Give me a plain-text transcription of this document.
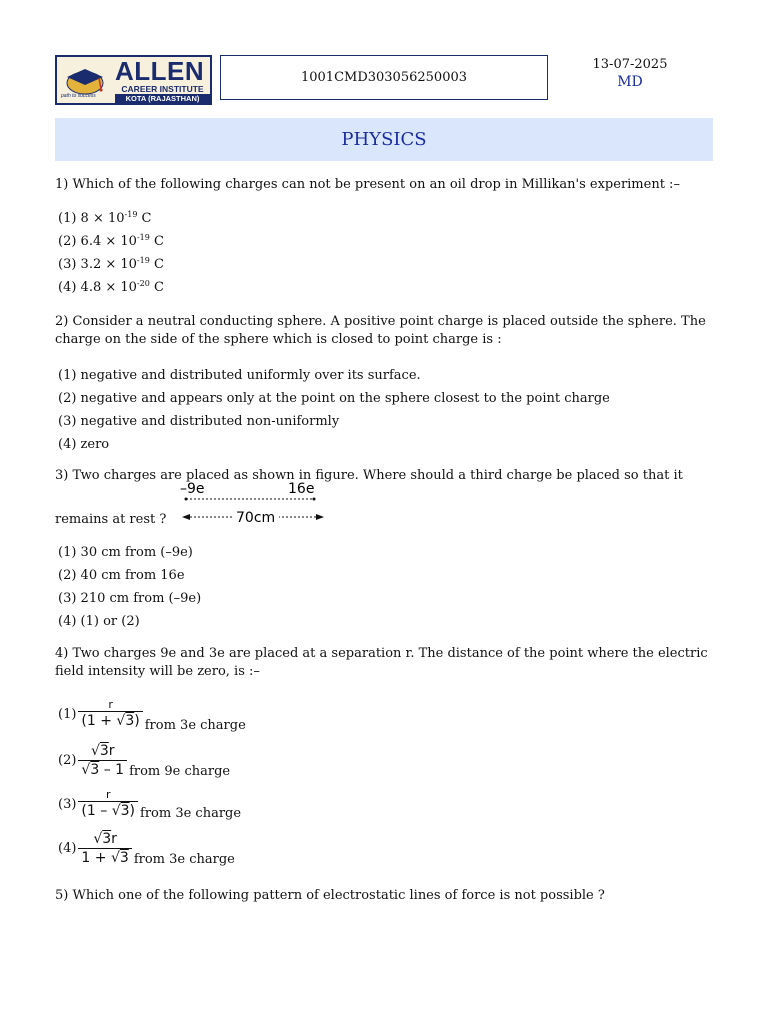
path to success
ALLEN
CAREER INSTITUTE
KOTA (RAJASTHAN)
1001CMD303056250003
13-07-2025
MD
PHYSICS

1) Which of the following charges can not be present on an oil drop in Millikan's experiment :–

(1) $8 \times 10^{-19}$ C
(2) $6.4 \times 10^{-19}$ C
(3) $3.2 \times 10^{-19}$ C
(4) $4.8 \times 10^{-20}$ C

2) Consider a neutral conducting sphere. A positive point charge is placed outside the sphere. The charge on the side of the sphere which is closed to point charge is :

(1) negative and distributed uniformly over its surface.
(2) negative and appears only at the point on the sphere closest to the point charge
(3) negative and distributed non-uniformly
(4) zero

3) Two charges are placed as shown in figure. Where should a third charge be placed so that it

remains at rest ?
–9e	16e
70cm
(1) 30 cm from (–9e)
(2) 40 cm from 16e
(3) 210 cm from (–9e)
(4) (1) or (2)

4) Two charges 9e and 3e are placed at a separation r. The distance of the point where the electric field intensity will be zero, is :–

$(1) \frac{r}{(1 + √3)}$ from 3e charge
$(2) \frac{√3r}{√3 - 1}$ from 9e charge
$(3) \frac{r}{(1 - √3)}$ from 3e charge
$(4) \frac{√3r}{1 + √3}$ from 3e charge

5) Which one of the following pattern of electrostatic lines of force is not possible ?
